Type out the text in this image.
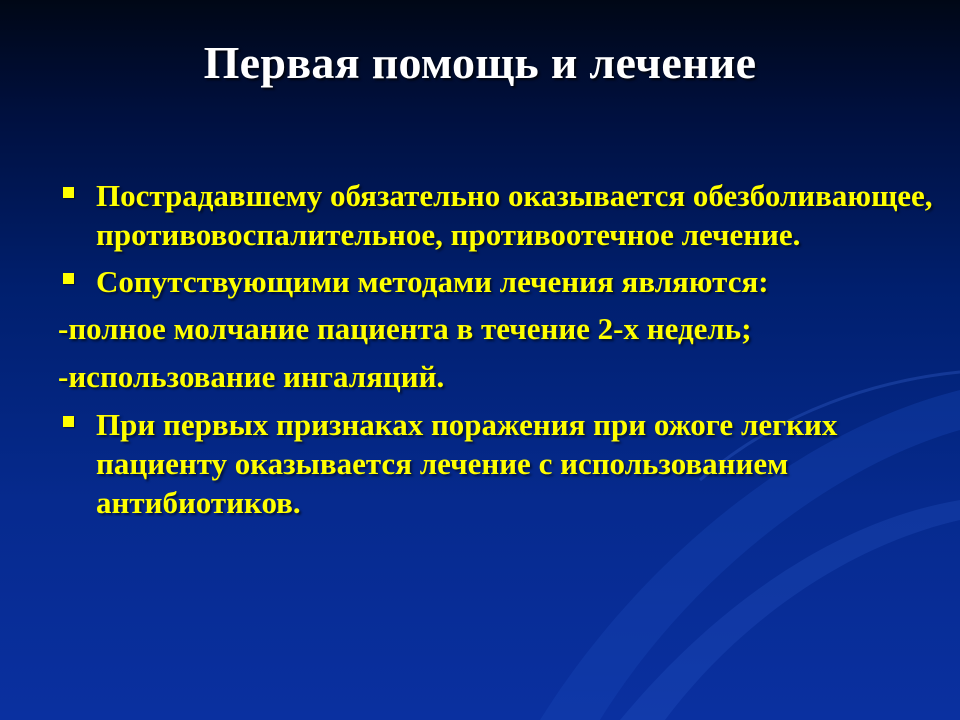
Первая помощь и лечение
Пострадавшему обязательно оказывается обезболивающее, противовоспалительное, противоотечное лечение.
Сопутствующими методами лечения являются:
-полное молчание пациента в течение 2-х недель;
-использование ингаляций.
При первых признаках поражения при ожоге легких пациенту оказывается лечение с использованием антибиотиков.
